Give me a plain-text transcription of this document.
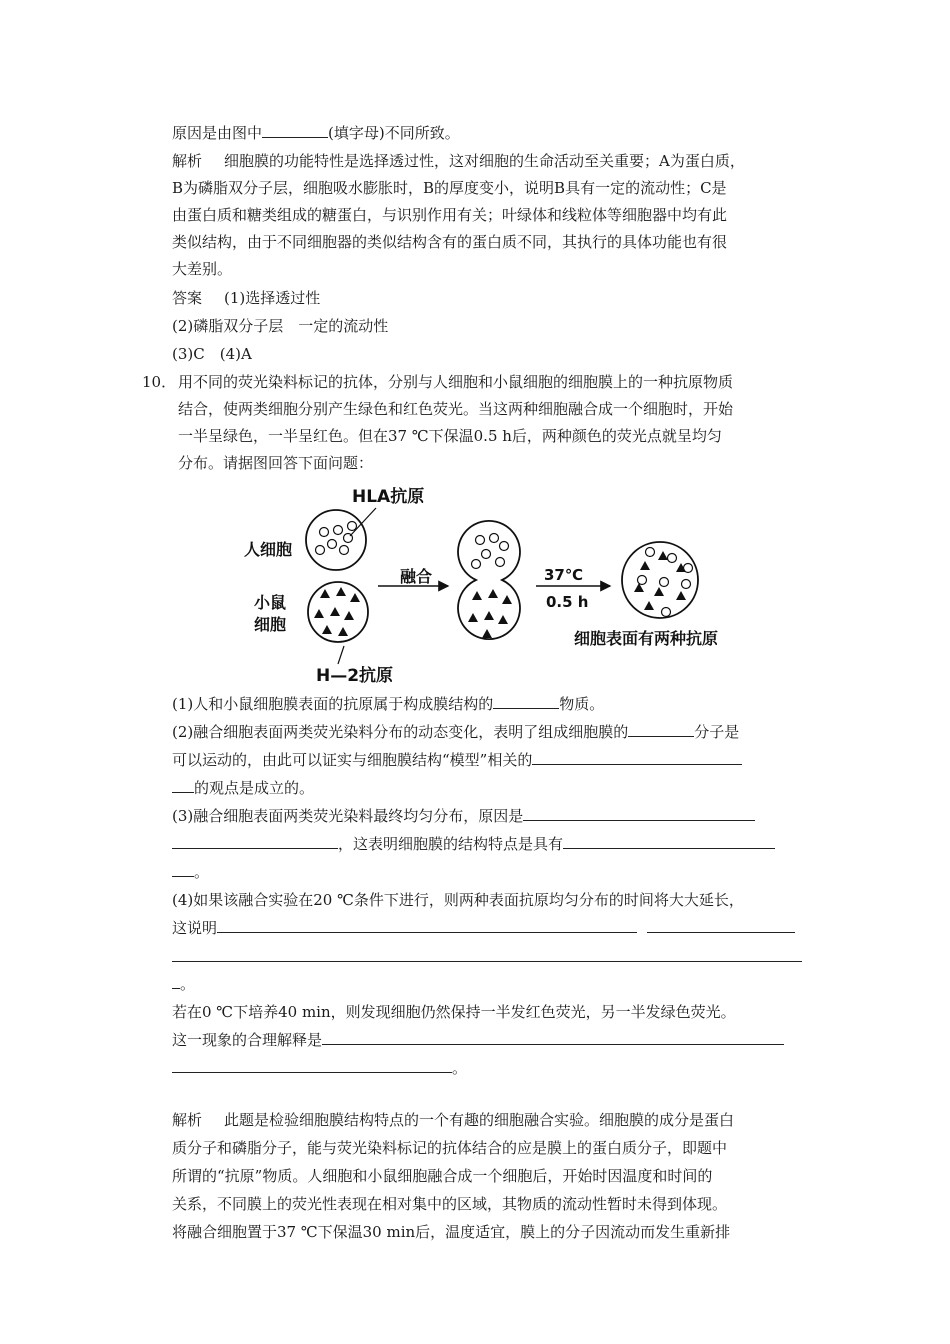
原因是由图中	(填字母)不同所致。
解析 细胞膜的功能特性是选择透过性，这对细胞的生命活动至关重要；A为蛋白质，
B为磷脂双分子层，细胞吸水膨胀时，B的厚度变小，说明B具有一定的流动性；C是
由蛋白质和糖类组成的糖蛋白，与识别作用有关；叶绿体和线粒体等细胞器中均有此
类似结构，由于不同细胞器的类似结构含有的蛋白质不同，其执行的具体功能也有很
大差别。
答案 (1)选择透过性
(2)磷脂双分子层　一定的流动性
(3)C　(4)A
10． 用不同的荧光染料标记的抗体，分别与人细胞和小鼠细胞的细胞膜上的一种抗原物质
结合，使两类细胞分别产生绿色和红色荧光。当这两种细胞融合成一个细胞时，开始
一半呈绿色，一半呈红色。但在37 ℃下保温0.5 h后，两种颜色的荧光点就呈均匀
分布。请据图回答下面问题：
HLA抗原
人细胞
小鼠
细胞
融合	37℃
0.5 h
H—2抗原
细胞表面有两种抗原
(1)人和小鼠细胞膜表面的抗原属于构成膜结构的	物质。
(2)融合细胞表面两类荧光染料分布的动态变化，表明了组成细胞膜的	分子是
可以运动的，由此可以证实与细胞膜结构“模型”相关的
的观点是成立的。
(3)融合细胞表面两类荧光染料最终均匀分布，原因是
，这表明细胞膜的结构特点是具有
。
(4)如果该融合实验在20 ℃条件下进行，则两种表面抗原均匀分布的时间将大大延长，
这说明
。
若在0 ℃下培养40 min，则发现细胞仍然保持一半发红色荧光，另一半发绿色荧光。
这一现象的合理解释是
。
解析 此题是检验细胞膜结构特点的一个有趣的细胞融合实验。细胞膜的成分是蛋白
质分子和磷脂分子，能与荧光染料标记的抗体结合的应是膜上的蛋白质分子，即题中
所谓的“抗原”物质。人细胞和小鼠细胞融合成一个细胞后，开始时因温度和时间的
关系，不同膜上的荧光性表现在相对集中的区域，其物质的流动性暂时未得到体现。
将融合细胞置于37 ℃下保温30 min后，温度适宜，膜上的分子因流动而发生重新排
